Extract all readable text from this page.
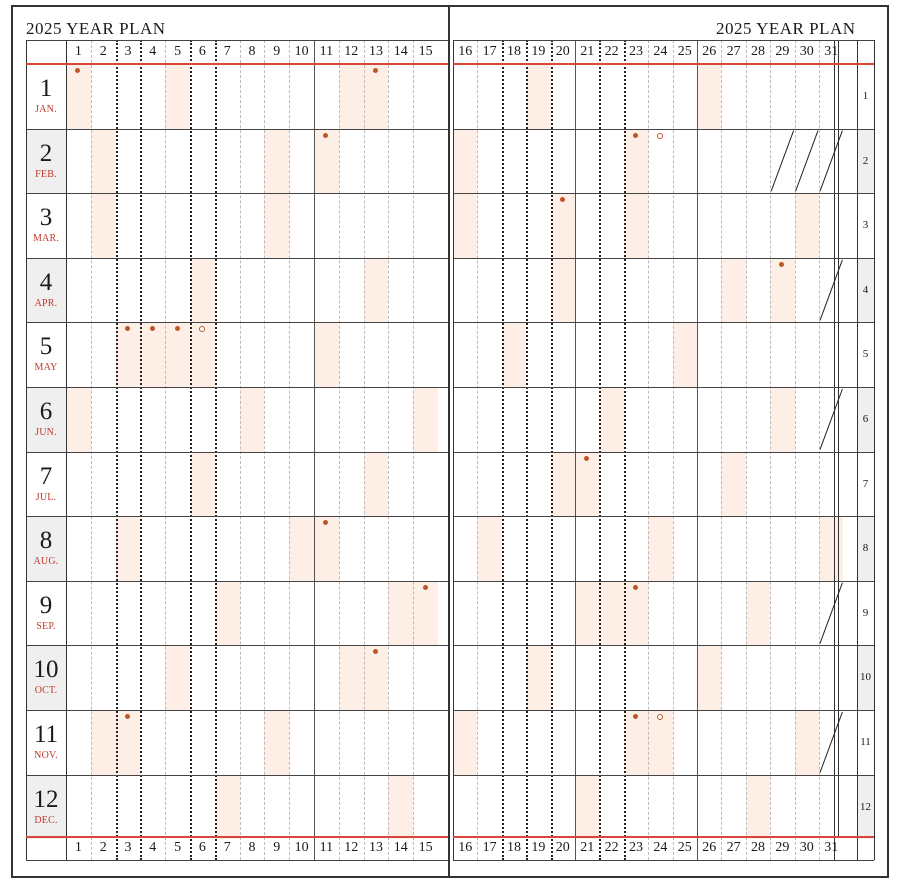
2025 YEAR PLAN	2025 YEAR PLAN
1
1
2
2
3
3
4
4
5
5
6
6
7
7
8
8
9
9
10
10
11
11
12
12
13
13
14
14
15
15
16
16
17
17
18
18
19
19
20
20
21
21
22
22
23
23
24
24
25
25
26
26
27
27
28
28
29
29
30
30
31
31
1
JAN.
1
2
FEB.
2
3
MAR.
3
4
APR.
4
5
MAY
5
6
JUN.
6
7
JUL.
7
8
AUG.
8
9
SEP.
9
10
OCT.
10
11
NOV.
11
12
DEC.
12
